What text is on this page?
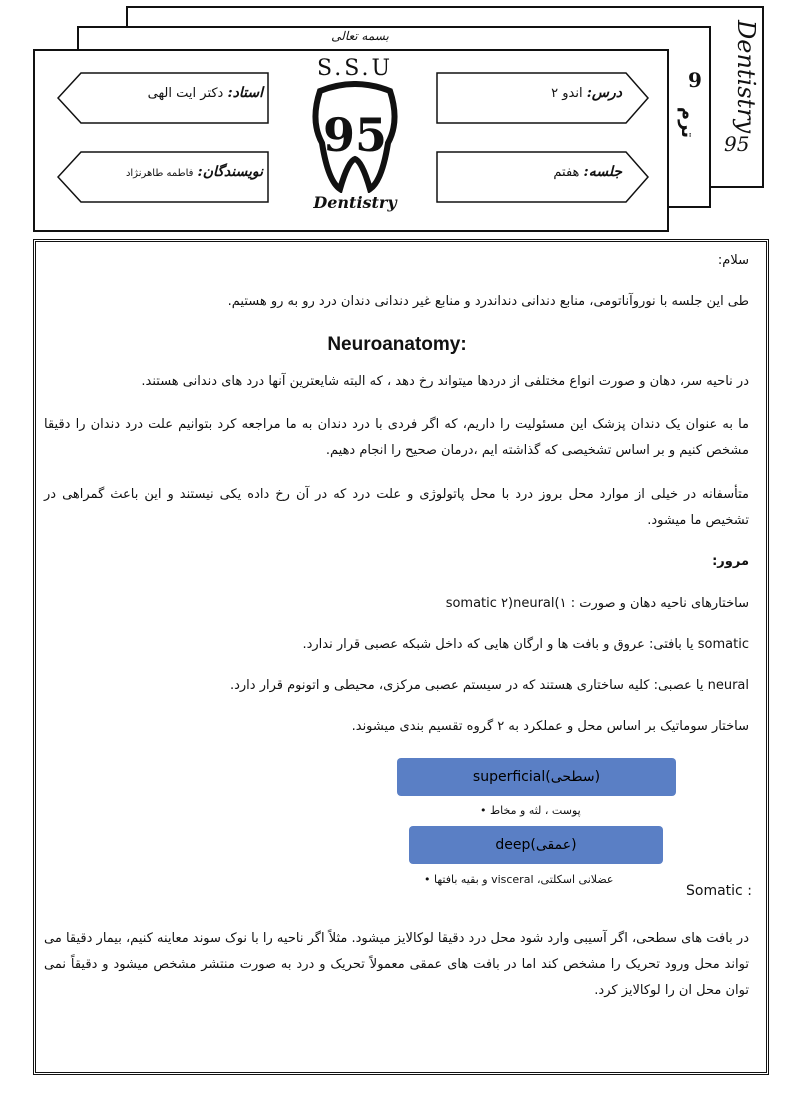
بسمه تعالی	Dentistry
95
9
ترم
S.S.U
95
Dentistry
استاد: دکتر ایت الهی
نویسندگان: فاطمه طاهرنژاد
درس: اندو ۲
جلسه: هفتم
سلام:
طی این جلسه با نوروآناتومی، منابع دندانی دنداندرد و منابع غیر دندانی دندان درد رو به رو هستیم.
Neuroanatomy:
در ناحیه سر، دهان و صورت انواع مختلفی از دردها میتواند رخ دهد ، که البته شایعترین آنها درد های دندانی هستند.
ما به عنوان یک دندان پزشک این مسئولیت را داریم، که اگر فردی با درد دندان به ما مراجعه کرد بتوانیم علت درد دندان را دقیقا مشخص کنیم و بر اساس تشخیصی که گذاشته ایم ،درمان صحیح را انجام دهیم.
متأسفانه در خیلی از موارد محل بروز درد با محل پاتولوژی و علت درد که در آن رخ داده یکی نیستند و این باعث گمراهی در تشخیص ما میشود.
مرور:
ساختارهای ناحیه دهان و صورت : ۱)somatic ۲)neural
somatic یا بافتی: عروق و بافت ها و ارگان هایی که داخل شبکه عصبی قرار ندارد.
neural یا عصبی: کلیه ساختاری هستند که در سیستم عصبی مرکزی، محیطی و اتونوم قرار دارد.
ساختار سوماتیک بر اساس محل و عملکرد به ۲ گروه تقسیم بندی میشوند.
superficial(سطحی)
پوست ، لثه و مخاط •
deep(عمقی)
عضلانی اسکلتی، visceral و بقیه بافتها •
Somatic :
در بافت های سطحی، اگر آسیبی وارد شود محل درد دقیقا لوکالایز میشود. مثلاً اگر ناحیه را با نوک سوند معاینه کنیم، بیمار دقیقا می تواند محل ورود تحریک را مشخص کند اما در بافت های عمقی معمولاً تحریک و درد به صورت منتشر مشخص میشود و دقیقاً نمی توان محل ان را لوکالایز کرد.
